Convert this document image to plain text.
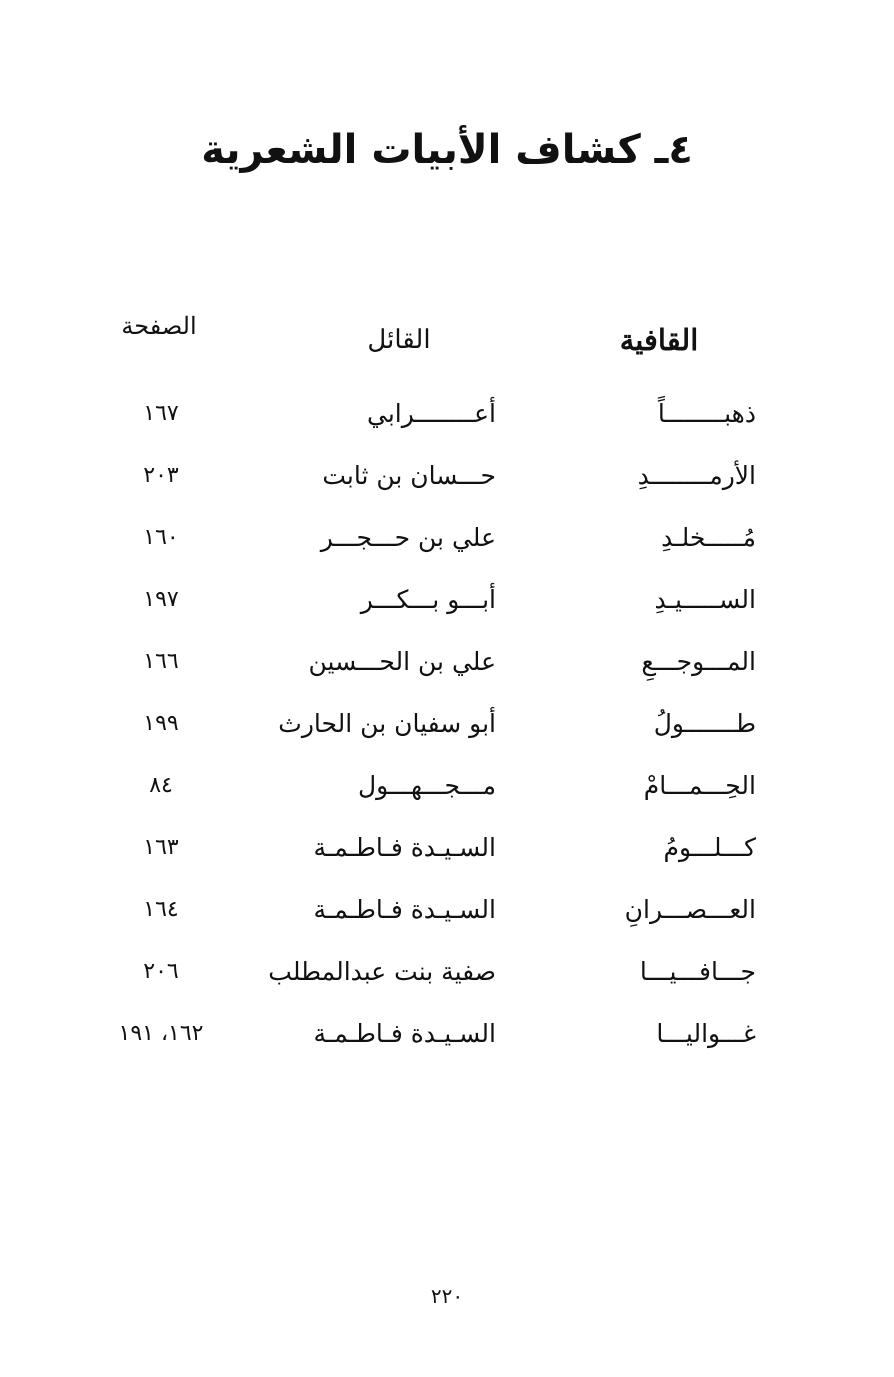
٤ـ كشاف الأبيات الشعرية
القافية
القائل
الصفحة
ذهبــــــــاً
أعــــــــرابي
١٦٧
الأرمــــــــدِ
حـــسان بن ثابت
٢٠٣
مُـــــخلـدِ
علي بن حـــجـــر
١٦٠
الســـــيـدِ
أبـــو بـــكـــر
١٩٧
المـــوجـــعِ
علي بن الحـــسين
١٦٦
طـــــــولُ
أبو سفيان بن الحارث
١٩٩
الحِـــمـــامْ
مـــجـــهـــول
٨٤
كـــلـــومُ
السـيـدة فـاطـمـة
١٦٣
العـــصـــرانِ
السـيـدة فـاطـمـة
١٦٤
جـــافـــيـــا
صفية بنت عبدالمطلب
٢٠٦
غـــواليـــا
السـيـدة فـاطـمـة
١٦٢، ١٩١
٢٢٠
